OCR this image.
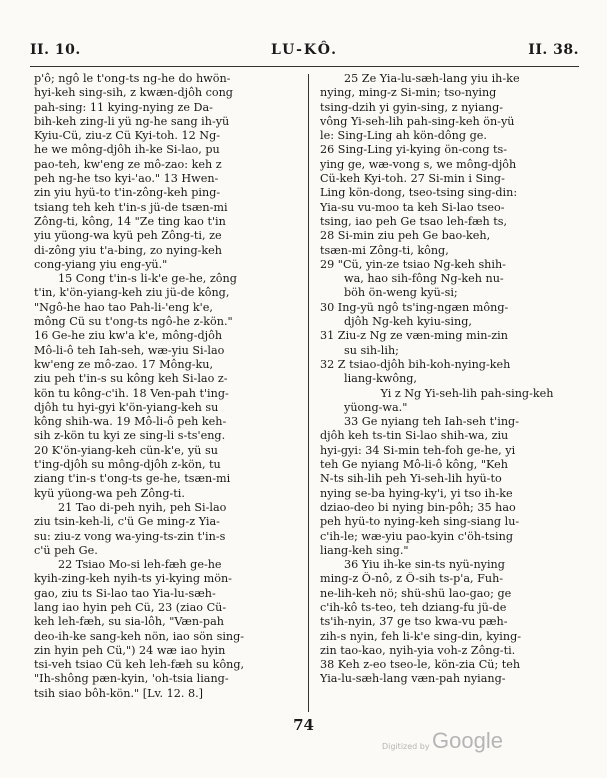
II. 10.	LU-KÔ.	II. 38.
p'ô; ngô le t'ong-ts ng-he do hwön-
hyi-keh sing-sih, z kwæn-djôh cong
pah-sing: 11 kying-nying ze Da-
bih-keh zing-li yü ng-he sang ih-yü
Kyiu-Cü, ziu-z Cü Kyi-toh. 12 Ng-
he we mông-djôh ih-ke Si-lao, pu
pao-teh, kw'eng ze mô-zao: keh z
peh ng-he tso kyi-'ao." 13 Hwen-
zin yiu hyü-to t'in-zông-keh ping-
tsiang teh keh t'in-s jü-de tsæn-mi
Zông-ti, kông, 14 "Ze ting kao t'in
yiu yüong-wa kyü peh Zông-ti, ze
di-zông yiu t'a-bing, zo nying-keh
cong-yiang yiu eng-yü."
15 Cong t'in-s li-k'e ge-he, zông
t'in, k'ön-yiang-keh ziu jü-de kông,
"Ngô-he hao tao Pah-li-'eng k'e,
mông Cü su t'ong-ts ngô-he z-kön."
16 Ge-he ziu kw'a k'e, mông-djôh
Mô-li-ô teh Iah-seh, wæ-yiu Si-lao
kw'eng ze mô-zao. 17 Mông-ku,
ziu peh t'in-s su kông keh Si-lao z-
kön tu kông-c'ih. 18 Ven-pah t'ing-
djôh tu hyi-gyi k'ön-yiang-keh su
kông shih-wa. 19 Mô-li-ô peh keh-
sih z-kön tu kyi ze sing-li s-ts'eng.
20 K'ön-yiang-keh cün-k'e, yü su
t'ing-djôh su mông-djôh z-kön, tu
ziang t'in-s t'ong-ts ge-he, tsæn-mi
kyü yüong-wa peh Zông-ti.
21 Tao di-peh nyih, peh Si-lao
ziu tsin-keh-li, c'ü Ge ming-z Yia-
su: ziu-z vong wa-ying-ts-zin t'in-s
c'ü peh Ge.
22 Tsiao Mo-si leh-fæh ge-he
kyih-zing-keh nyih-ts yi-kying mön-
gao, ziu ts Si-lao tao Yia-lu-sæh-
lang iao hyin peh Cü, 23 (ziao Cü-
keh leh-fæh, su sia-lôh, "Væn-pah
deo-ih-ke sang-keh nön, iao sön sing-
zin hyin peh Cü,") 24 wæ iao hyin
tsi-veh tsiao Cü keh leh-fæh su kông,
"Ih-shông pæn-kyin, 'oh-tsia liang-
tsih siao bôh-kön." [Lv. 12. 8.]
25 Ze Yia-lu-sæh-lang yiu ih-ke
nying, ming-z Si-min; tso-nying
tsing-dzih yi gyin-sing, z nyiang-
vông Yi-seh-lih pah-sing-keh ön-yü
le: Sing-Ling ah kön-dông ge.
26 Sing-Ling yi-kying ön-cong ts-
ying ge, wæ-vong s, we mông-djôh
Cü-keh Kyi-toh. 27 Si-min i Sing-
Ling kön-dong, tseo-tsing sing-din:
Yia-su vu-moo ta keh Si-lao tseo-
tsing, iao peh Ge tsao leh-fæh ts,
28 Si-min ziu peh Ge bao-keh,
tsæn-mi Zông-ti, kông,
29 "Cü, yin-ze tsiao Ng-keh shih-
wa, hao sih-fông Ng-keh nu-
böh ön-weng kyü-si;
30 Ing-yü ngô ts'ing-ngæn mông-
djôh Ng-keh kyiu-sing,
31 Ziu-z Ng ze væn-ming min-zin
su sih-lih;
32 Z tsiao-djôh bih-koh-nying-keh
liang-kwông,
Yi z Ng Yi-seh-lih pah-sing-keh
yüong-wa."
33 Ge nyiang teh Iah-seh t'ing-
djôh keh ts-tin Si-lao shih-wa, ziu
hyi-gyi: 34 Si-min teh-foh ge-he, yi
teh Ge nyiang Mô-li-ô kông, "Keh
N-ts sih-lih peh Yi-seh-lih hyü-to
nying se-ba hying-ky'i, yi tso ih-ke
dziao-deo bi nying bin-pôh; 35 hao
peh hyü-to nying-keh sing-siang lu-
c'ih-le; wæ-yiu pao-kyin c'öh-tsing
liang-keh sing."
36 Yiu ih-ke sin-ts nyü-nying
ming-z Ö-nô, z Ô-sih ts-p'a, Fuh-
ne-lih-keh nö; shü-shü lao-gao; ge
c'ih-kô ts-teo, teh dziang-fu jü-de
ts'ih-nyin, 37 ge tso kwa-vu pæh-
zih-s nyin, feh li-k'e sing-din, kying-
zin tao-kao, nyih-yia voh-z Zông-ti.
38 Keh z-eo tseo-le, kön-zia Cü; teh
Yia-lu-sæh-lang væn-pah nyiang-
74
Digitized by Google
